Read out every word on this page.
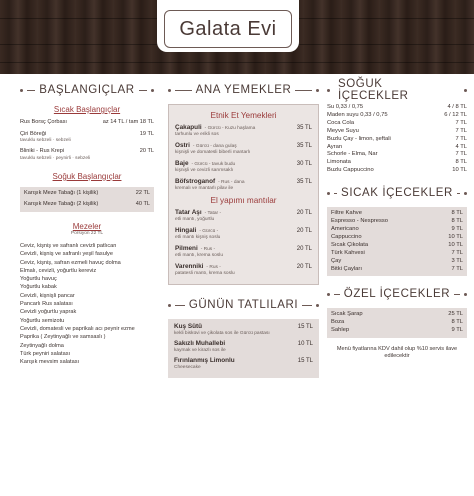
Galata Evi
BAŞLANGIÇLAR
Sıcak Başlangıçlar
Rus Borsç Çorbası	az 14 TL / tam 18 TL
Çiri Böreği	19 TL
tavuklu sebzeli · sebzeli
Bliniki - Rus Krepi	20 TL
tavuklu sebzeli · peynirli · sebzeli
Soğuk Başlangıçlar
Karışık Meze Tabağı (1 kişilik)	22 TL
Karışık Meze Tabağı (2 kişilik)	40 TL
Mezeler
Porsiyon 22 TL
Ceviz, kişniş ve safranlı cevizli patlıcan
Cevizli, kişniş ve safranlı yeşil fasulye
Ceviz, kişniş, safran ezmeli havuç dolma
Elmalı, cevizli, yoğurtlu kereviz
Yoğurtlu havuç
Yoğurtlu kabak
Cevizli, kişnişli pancar
Pancarlı Rus salatası
Cevizli yoğurtlu yaprak
Yoğurtlu semizotu
Cevizli, domatesli ve paprikalı acı peynir ezme
Paprika ( Zeytinyağlı ve samsaslı )
Zeytinyağlı dolma
Türk peyniri salatası
Karışık mevsim salatası
ANA YEMEKLER
Etnik Et Yemekleri
Çakapuli - Gürcü - Kuzu haşlama	35 TL
tarhunlu ve erikli sos
Ostri - Gürcü - dana gulaş	35 TL
kişnişli ve domatesli biberli mantarlı
Baje - Gürcü - tavuk budu	30 TL
kişnişli ve cevizli sarımsaklı
Böfstroganof - Rus - dana	35 TL
kremalı ve mantarlı pilav ile
El yapımı mantılar
Tatar Aşı - Tatar -	20 TL
etli mantı, yoğurtlu
Hingali - Gürcü -	20 TL
etli mantı kişniş soslu
Pilmeni - Rus -	20 TL
etli mantı, krema soslu
Varenniki - Rus -	20 TL
patatesli mantı, krema soslu
GÜNÜN TATLILARI
Kuş Sütü	15 TL
kekli bisküvi ve çikolata sos ile Gürcü pastası
Sakızlı Muhallebi	10 TL
kaymak ve kirazlı sos ile
Fırınlanmış Limonlu	15 TL
Cheesecake
SOĞUK İÇECEKLER
Su 0,33 / 0,75	4 / 8 TL
Maden suyu 0,33 / 0,75	6 / 12 TL
Coca Cola	7 TL
Meyve Suyu	7 TL
Buzlu Çay - limon, şeftali	7 TL
Ayran	4 TL
Schorle - Elma, Nar	7 TL
Limonata	8 TL
Buzlu Cappuccino	10 TL
SICAK İÇECEKLER
Filtre Kahve	8 TL
Espresso - Nespresso	8 TL
Americano	9 TL
Cappuccino	10 TL
Sıcak Çikolata	10 TL
Türk Kahvesi	7 TL
Çay	3 TL
Bitki Çayları	7 TL
ÖZEL İÇECEKLER
Sıcak Şarap	25 TL
Boza	8 TL
Sahlep	9 TL
Menü fiyatlarına KDV dahil olup %10 servis ilave edilecektir
